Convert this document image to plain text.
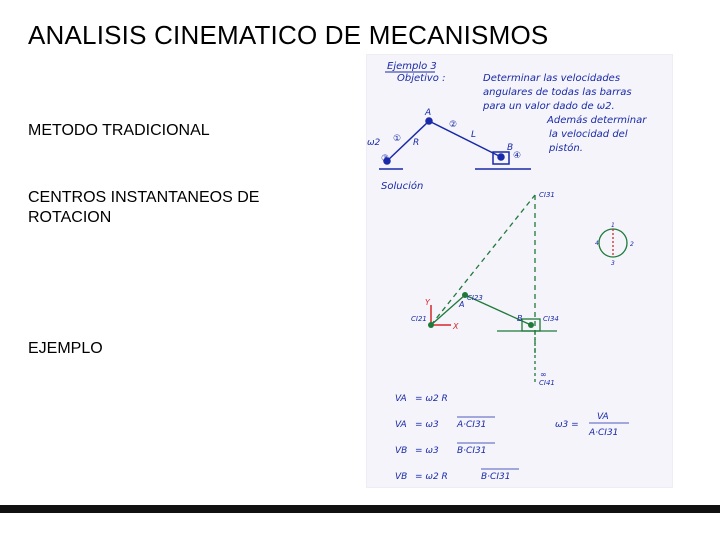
ANALISIS CINEMATICO DE MECANISMOS
METODO TRADICIONAL
CENTROS INSTANTANEOS DE ROTACION
EJEMPLO
Ejemplo 3
Objetivo :	Determinar las velocidades
angulares de todas las barras
para un valor dado de ω2.
Además determinar
la velocidad del
pistón.
A
B
R
L
ω2 ①
②
③	④
Solución
CI31
CI23
CI21	CI34
CI41
∞
A
B
4
1
2
3
Y
X
VA = ω2 R
VA = ω3 A·CI31
VB = ω3 B·CI31
VB = ω2 R	B·CI31
ω3 =
VA
A·CI31
